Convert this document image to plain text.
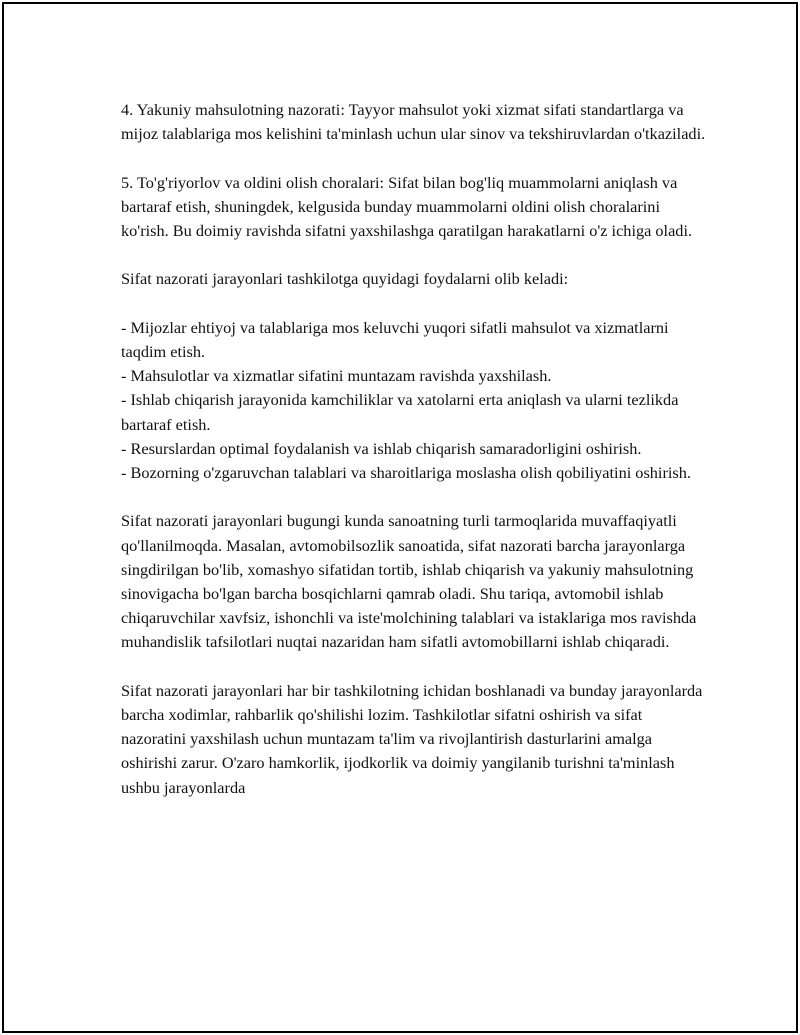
4. Yakuniy mahsulotning nazorati: Tayyor mahsulot yoki xizmat sifati standartlarga va mijoz talablariga mos kelishini ta'minlash uchun ular sinov va tekshiruvlardan o'tkaziladi.

5. To'g'riyorlov va oldini olish choralari: Sifat bilan bog'liq muammolarni aniqlash va bartaraf etish, shuningdek, kelgusida bunday muammolarni oldini olish choralarini ko'rish. Bu doimiy ravishda sifatni yaxshilashga qaratilgan harakatlarni o'z ichiga oladi.

Sifat nazorati jarayonlari tashkilotga quyidagi foydalarni olib keladi:

- Mijozlar ehtiyoj va talablariga mos keluvchi yuqori sifatli mahsulot va xizmatlarni taqdim etish.
- Mahsulotlar va xizmatlar sifatini muntazam ravishda yaxshilash.
- Ishlab chiqarish jarayonida kamchiliklar va xatolarni erta aniqlash va ularni tezlikda bartaraf etish.
- Resurslardan optimal foydalanish va ishlab chiqarish samaradorligini oshirish.
- Bozorning o'zgaruvchan talablari va sharoitlariga moslasha olish qobiliyatini oshirish.

Sifat nazorati jarayonlari bugungi kunda sanoatning turli tarmoqlarida muvaffaqiyatli qo'llanilmoqda. Masalan, avtomobilsozlik sanoatida, sifat nazorati barcha jarayonlarga singdirilgan bo'lib, xomashyo sifatidan tortib, ishlab chiqarish va yakuniy mahsulotning sinovigacha bo'lgan barcha bosqichlarni qamrab oladi. Shu tariqa, avtomobil ishlab chiqaruvchilar xavfsiz, ishonchli va iste'molchining talablari va istaklariga mos ravishda muhandislik tafsilotlari nuqtai nazaridan ham sifatli avtomobillarni ishlab chiqaradi.

Sifat nazorati jarayonlari har bir tashkilotning ichidan boshlanadi va bunday jarayonlarda barcha xodimlar, rahbarlik qo'shilishi lozim. Tashkilotlar sifatni oshirish va sifat nazoratini yaxshilash uchun muntazam ta'lim va rivojlantirish dasturlarini amalga oshirishi zarur. O'zaro hamkorlik, ijodkorlik va doimiy yangilanib turishni ta'minlash ushbu jarayonlarda
